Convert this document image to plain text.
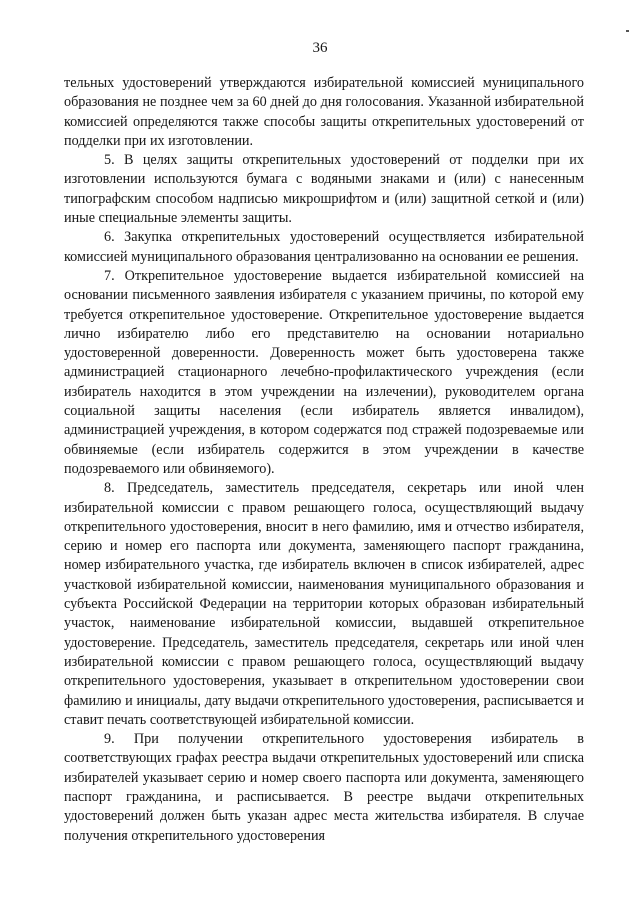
36

тельных удостоверений утверждаются избирательной комиссией муниципального образования не позднее чем за 60 дней до дня голосования. Указанной избирательной комиссией определяются также способы защиты открепительных удостоверений от подделки при их изготовлении.

5. В целях защиты открепительных удостоверений от подделки при их изготовлении используются бумага с водяными знаками и (или) с нанесенным типографским способом надписью микрошрифтом и (или) защитной сеткой и (или) иные специальные элементы защиты.

6. Закупка открепительных удостоверений осуществляется избирательной комиссией муниципального образования централизованно на основании ее решения.

7. Открепительное удостоверение выдается избирательной комиссией на основании письменного заявления избирателя с указанием причины, по которой ему требуется открепительное удостоверение. Открепительное удостоверение выдается лично избирателю либо его представителю на основании нотариально удостоверенной доверенности. Доверенность может быть удостоверена также администрацией стационарного лечебно-профилактического учреждения (если избиратель находится в этом учреждении на излечении), руководителем органа социальной защиты населения (если избиратель является инвалидом), администрацией учреждения, в котором содержатся под стражей подозреваемые или обвиняемые (если избиратель содержится в этом учреждении в качестве подозреваемого или обвиняемого).

8. Председатель, заместитель председателя, секретарь или иной член избирательной комиссии с правом решающего голоса, осуществляющий выдачу открепительного удостоверения, вносит в него фамилию, имя и отчество избирателя, серию и номер его паспорта или документа, заменяющего паспорт гражданина, номер избирательного участка, где избиратель включен в список избирателей, адрес участковой избирательной комиссии, наименования муниципального образования и субъекта Российской Федерации на территории которых образован избирательный участок, наименование избирательной комиссии, выдавшей открепительное удостоверение. Председатель, заместитель председателя, секретарь или иной член избирательной комиссии с правом решающего голоса, осуществляющий выдачу открепительного удостоверения, указывает в открепительном удостоверении свои фамилию и инициалы, дату выдачи открепительного удостоверения, расписывается и ставит печать соответствующей избирательной комиссии.

9. При получении открепительного удостоверения избиратель в соответствующих графах реестра выдачи открепительных удостоверений или списка избирателей указывает серию и номер своего паспорта или документа, заменяющего паспорт гражданина, и расписывается. В реестре выдачи открепительных удостоверений должен быть указан адрес места жительства избирателя. В случае получения открепительного удостоверения
